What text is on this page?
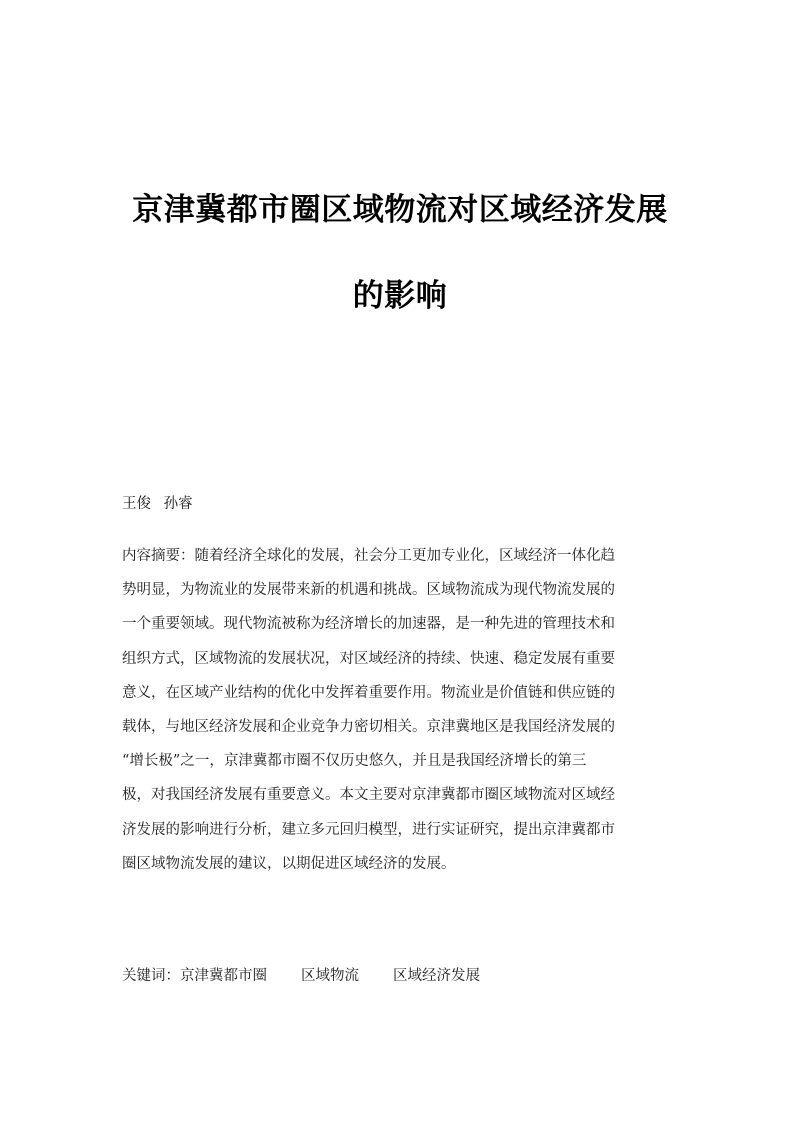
京津冀都市圈区域物流对区域经济发展
的影响
王俊 孙睿
内容摘要：随着经济全球化的发展，社会分工更加专业化，区域经济一体化趋
势明显，为物流业的发展带来新的机遇和挑战。区域物流成为现代物流发展的
一个重要领域。现代物流被称为经济增长的加速器，是一种先进的管理技术和
组织方式，区域物流的发展状况，对区域经济的持续、快速、稳定发展有重要
意义，在区域产业结构的优化中发挥着重要作用。物流业是价值链和供应链的
载体，与地区经济发展和企业竞争力密切相关。京津冀地区是我国经济发展的
“增长极”之一，京津冀都市圈不仅历史悠久，并且是我国经济增长的第三
极，对我国经济发展有重要意义。本文主要对京津冀都市圈区域物流对区域经
济发展的影响进行分析，建立多元回归模型，进行实证研究，提出京津冀都市
圈区域物流发展的建议，以期促进区域经济的发展。
关键词：京津冀都市圈 区域物流 区域经济发展
